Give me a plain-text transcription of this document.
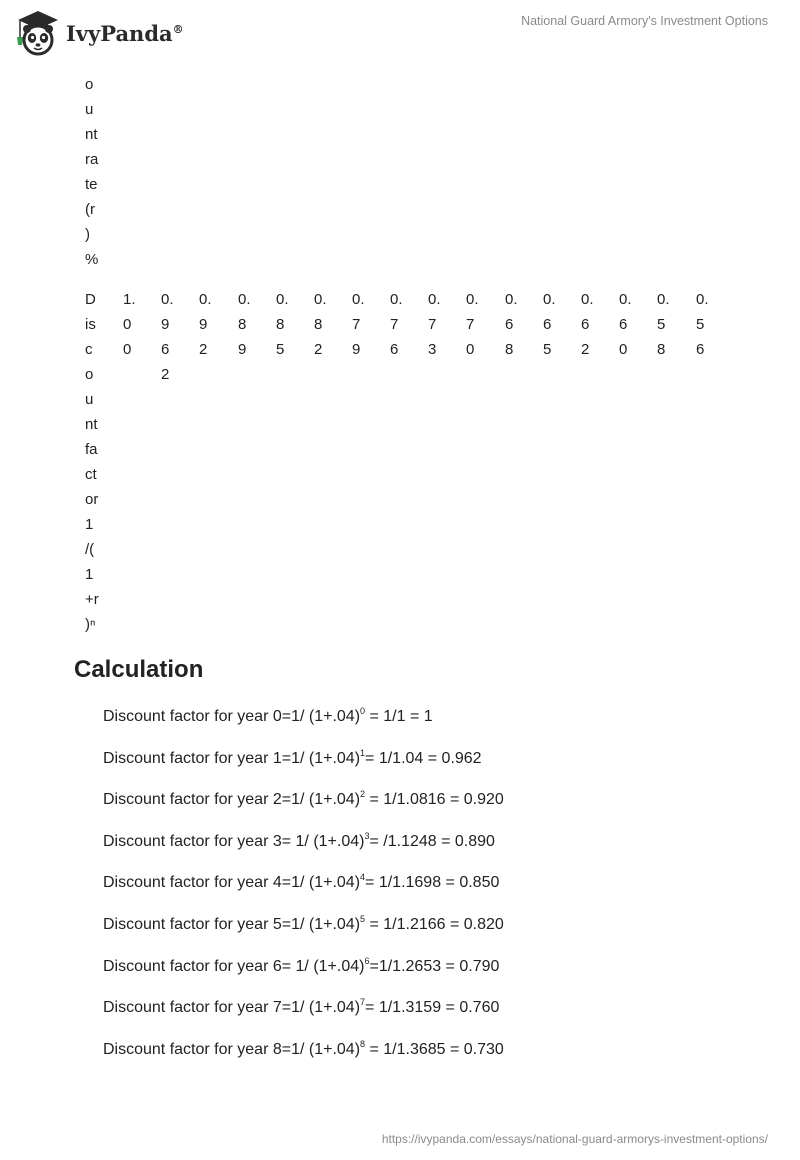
IvyPanda®
National Guard Armory's Investment Options
o
u
nt
ra
te
(r
)
%
D
is
c
o
u
nt
fa
ct
or
1
/(
1
+r
)ⁿ
1.
0
0
0.
9
6
2
0.
9
2
0.
8
9
0.
8
5
0.
8
2
0.
7
9
0.
7
6
0.
7
3
0.
7
0
0.
6
8
0.
6
5
0.
6
2
0.
6
0
0.
5
8
0.
5
6
Calculation
Discount factor for year 0=1/ $(1+.04)^0 = 1/1 = 1$
Discount factor for year 1=1/ $(1+.04)^1= 1/1.04 = 0.962$
Discount factor for year 2=1/ $(1+.04)^2 = 1/1.0816 = 0.920$
Discount factor for year 3= 1/ $(1+.04)^3= /1.1248 = 0.890$
Discount factor for year 4=1/ $(1+.04)^4= 1/1.1698 = 0.850$
Discount factor for year 5=1/ $(1+.04)^5 = 1/1.2166 = 0.820$
Discount factor for year 6= 1/ $(1+.04)^6=1/1.2653 = 0.790$
Discount factor for year 7=1/ $(1+.04)^7= 1/1.3159 = 0.760$
Discount factor for year 8=1/ $(1+.04)^8 = 1/1.3685 = 0.730$
https://ivypanda.com/essays/national-guard-armorys-investment-options/
